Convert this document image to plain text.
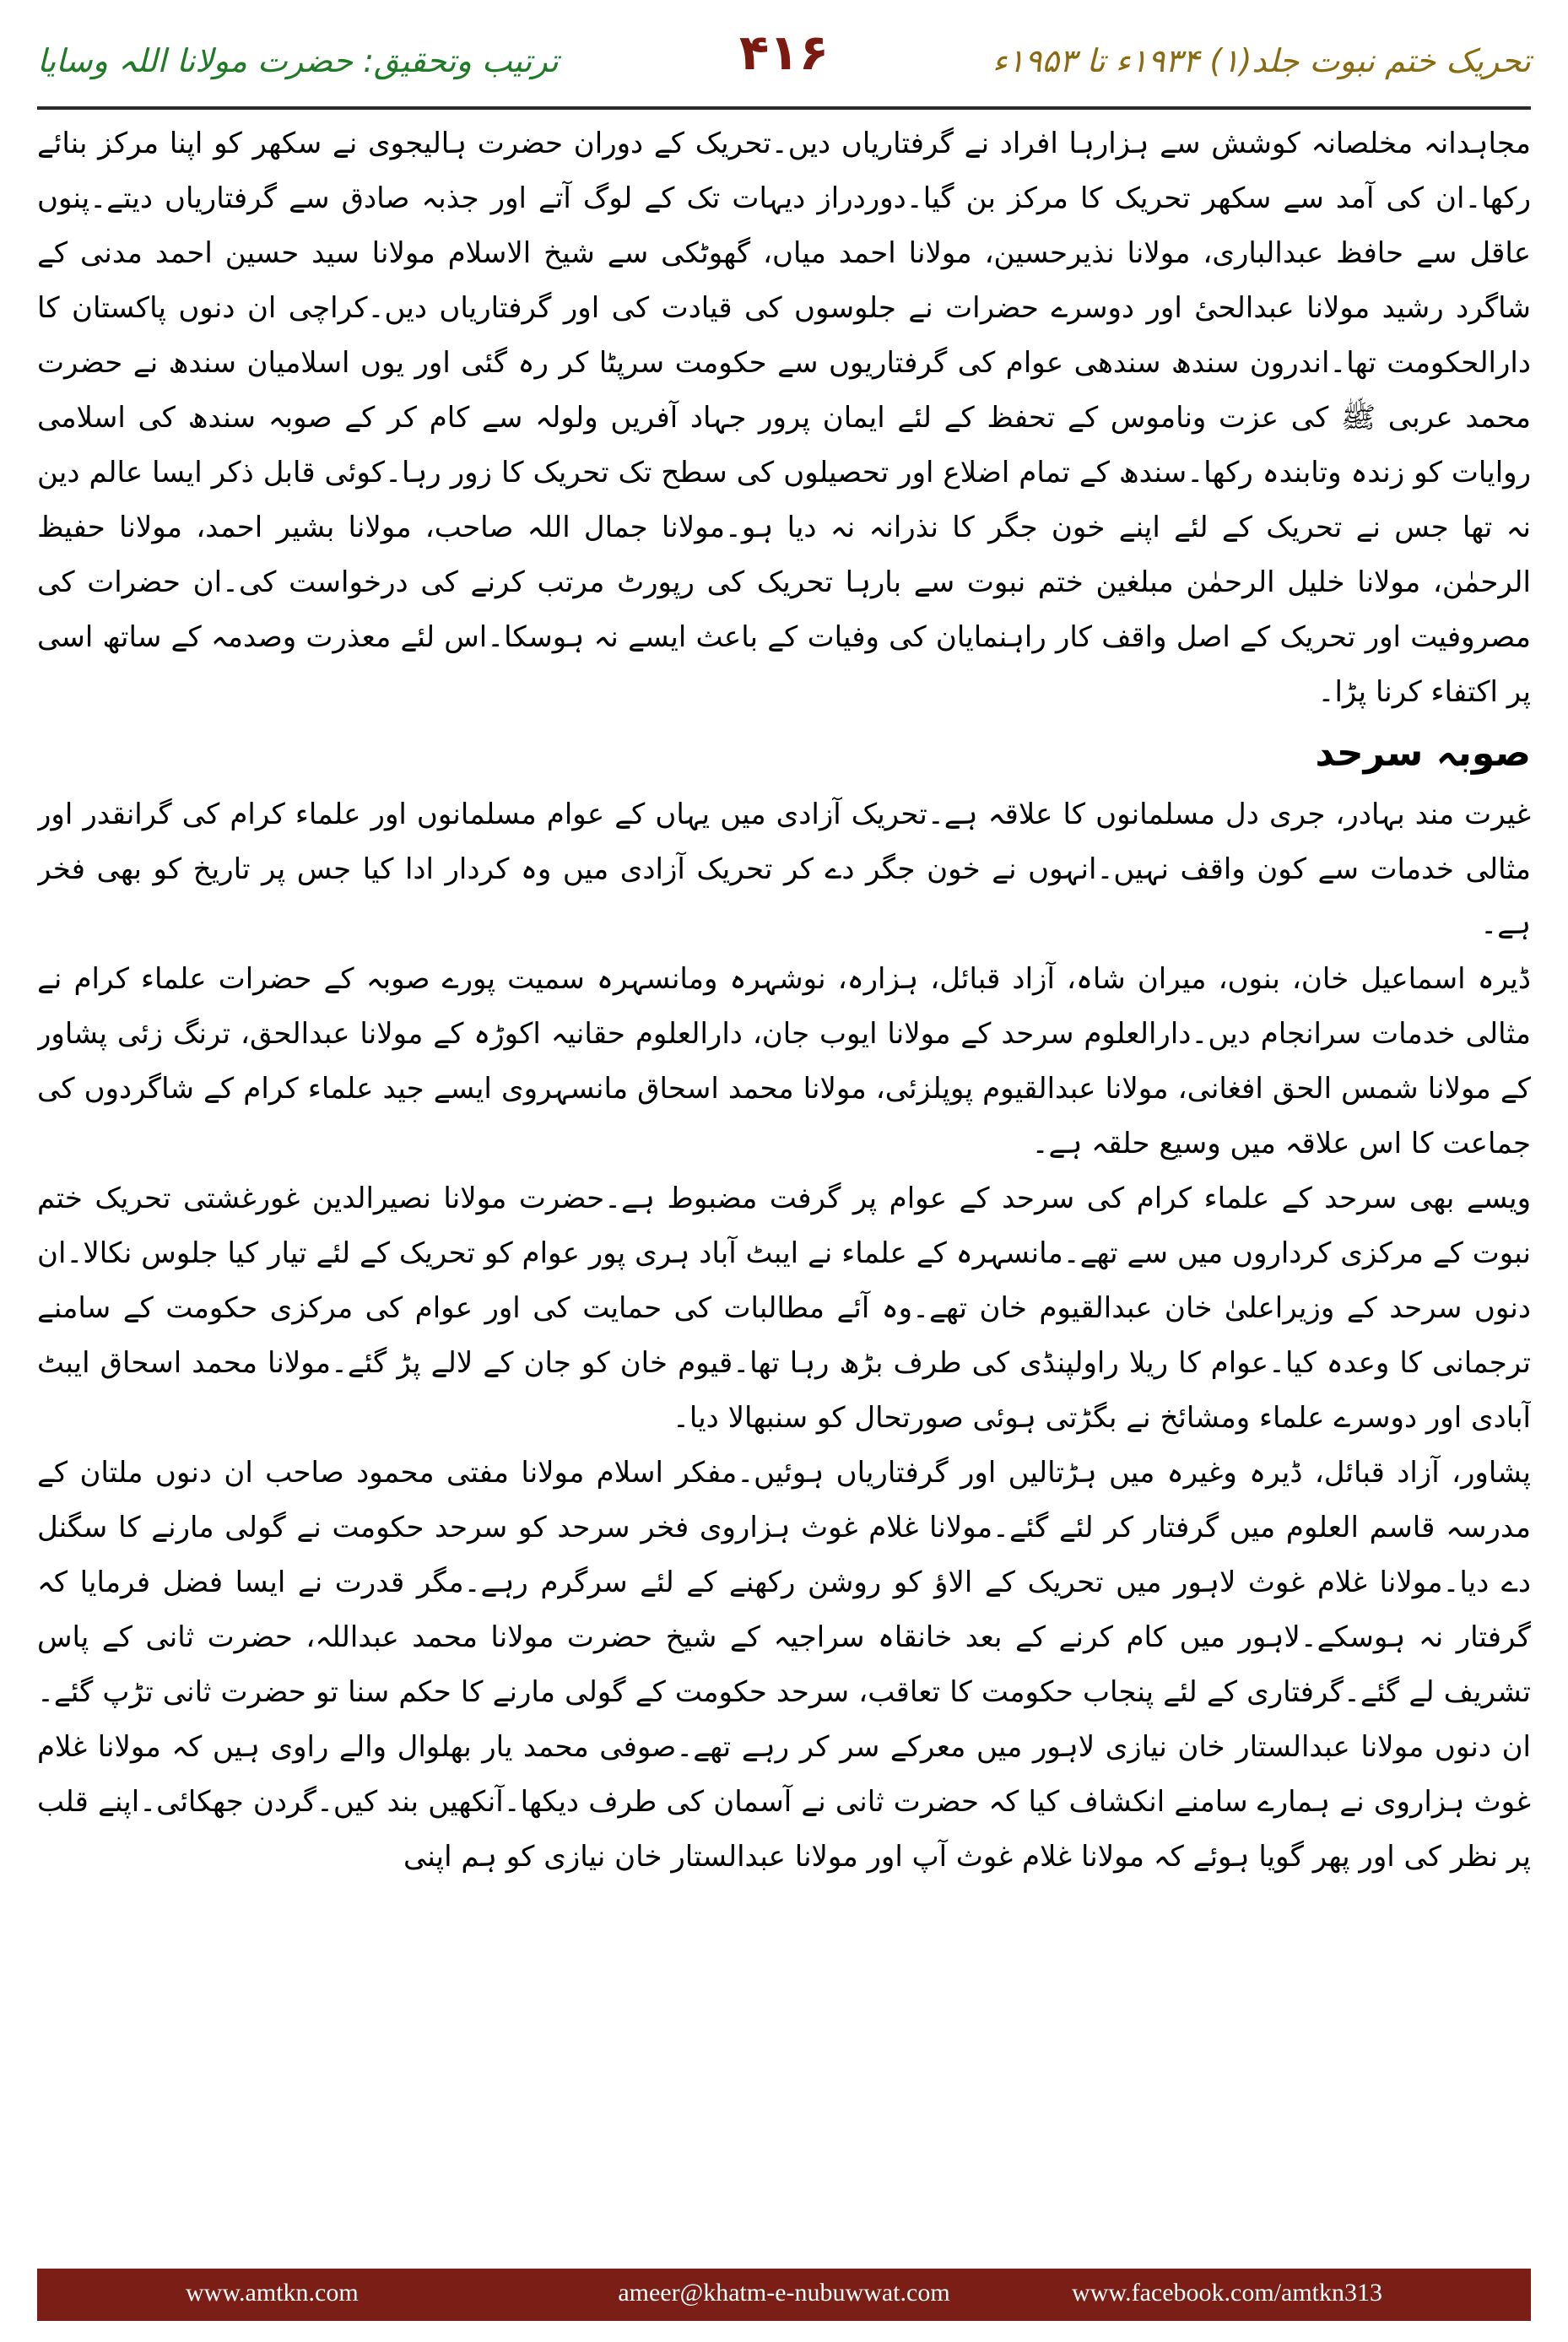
تحریک ختم نبوت جلد(۱) ۱۹۳۴ء تا ۱۹۵۳ء
۴۱۶
ترتیب وتحقیق: حضرت مولانا اللہ وسایا

مجاہدانہ مخلصانہ کوشش سے ہزارہا افراد نے گرفتاریاں دیں۔تحریک کے دوران حضرت ہالیجوی نے سکھر کو اپنا مرکز بنائے رکھا۔ان کی آمد سے سکھر تحریک کا مرکز بن گیا۔دوردراز دیہات تک کے لوگ آتے اور جذبہ صادق سے گرفتاریاں دیتے۔پنوں عاقل سے حافظ عبدالباری، مولانا نذیرحسین، مولانا احمد میاں، گھوٹکی سے شیخ الاسلام مولانا سید حسین احمد مدنی کے شاگرد رشید مولانا عبدالحیٔ اور دوسرے حضرات نے جلوسوں کی قیادت کی اور گرفتاریاں دیں۔کراچی ان دنوں پاکستان کا دارالحکومت تھا۔اندرون سندھ سندھی عوام کی گرفتاریوں سے حکومت سرپٹا کر رہ گئی اور یوں اسلامیان سندھ نے حضرت محمد عربی ﷺ کی عزت وناموس کے تحفظ کے لئے ایمان پرور جہاد آفریں ولولہ سے کام کر کے صوبہ سندھ کی اسلامی روایات کو زندہ وتابندہ رکھا۔سندھ کے تمام اضلاع اور تحصیلوں کی سطح تک تحریک کا زور رہا۔کوئی قابل ذکر ایسا عالم دین نہ تھا جس نے تحریک کے لئے اپنے خون جگر کا نذرانہ نہ دیا ہو۔مولانا جمال اللہ صاحب، مولانا بشیر احمد، مولانا حفیظ الرحمٰن، مولانا خلیل الرحمٰن مبلغین ختم نبوت سے بارہا تحریک کی رپورٹ مرتب کرنے کی درخواست کی۔ان حضرات کی مصروفیت اور تحریک کے اصل واقف کار راہنمایان کی وفیات کے باعث ایسے نہ ہوسکا۔اس لئے معذرت وصدمہ کے ساتھ اسی پر اکتفاء کرنا پڑا۔

صوبہ سرحد

غیرت مند بہادر، جری دل مسلمانوں کا علاقہ ہے۔تحریک آزادی میں یہاں کے عوام مسلمانوں اور علماء کرام کی گرانقدر اور مثالی خدمات سے کون واقف نہیں۔انہوں نے خون جگر دے کر تحریک آزادی میں وہ کردار ادا کیا جس پر تاریخ کو بھی فخر ہے۔

ڈیرہ اسماعیل خان، بنوں، میران شاہ، آزاد قبائل، ہزارہ، نوشہرہ ومانسہرہ سمیت پورے صوبہ کے حضرات علماء کرام نے مثالی خدمات سرانجام دیں۔دارالعلوم سرحد کے مولانا ایوب جان، دارالعلوم حقانیہ اکوڑہ کے مولانا عبدالحق، ترنگ زئی پشاور کے مولانا شمس الحق افغانی، مولانا عبدالقیوم پوپلزئی، مولانا محمد اسحاق مانسہروی ایسے جید علماء کرام کے شاگردوں کی جماعت کا اس علاقہ میں وسیع حلقہ ہے۔

ویسے بھی سرحد کے علماء کرام کی سرحد کے عوام پر گرفت مضبوط ہے۔حضرت مولانا نصیرالدین غورغشتی تحریک ختم نبوت کے مرکزی کرداروں میں سے تھے۔مانسہرہ کے علماء نے ایبٹ آباد ہری پور عوام کو تحریک کے لئے تیار کیا جلوس نکالا۔ان دنوں سرحد کے وزیراعلیٰ خان عبدالقیوم خان تھے۔وہ آئے مطالبات کی حمایت کی اور عوام کی مرکزی حکومت کے سامنے ترجمانی کا وعدہ کیا۔عوام کا ریلا راولپنڈی کی طرف بڑھ رہا تھا۔قیوم خان کو جان کے لالے پڑ گئے۔مولانا محمد اسحاق ایبٹ آبادی اور دوسرے علماء ومشائخ نے بگڑتی ہوئی صورتحال کو سنبھالا دیا۔

پشاور، آزاد قبائل، ڈیرہ وغیرہ میں ہڑتالیں اور گرفتاریاں ہوئیں۔مفکر اسلام مولانا مفتی محمود صاحب ان دنوں ملتان کے مدرسہ قاسم العلوم میں گرفتار کر لئے گئے۔مولانا غلام غوث ہزاروی فخر سرحد کو سرحد حکومت نے گولی مارنے کا سگنل دے دیا۔مولانا غلام غوث لاہور میں تحریک کے الاؤ کو روشن رکھنے کے لئے سرگرم رہے۔مگر قدرت نے ایسا فضل فرمایا کہ گرفتار نہ ہوسکے۔لاہور میں کام کرنے کے بعد خانقاہ سراجیہ کے شیخ حضرت مولانا محمد عبداللہ، حضرت ثانی کے پاس تشریف لے گئے۔گرفتاری کے لئے پنجاب حکومت کا تعاقب، سرحد حکومت کے گولی مارنے کا حکم سنا تو حضرت ثانی تڑپ گئے۔ان دنوں مولانا عبدالستار خان نیازی لاہور میں معرکے سر کر رہے تھے۔صوفی محمد یار بھلوال والے راوی ہیں کہ مولانا غلام غوث ہزاروی نے ہمارے سامنے انکشاف کیا کہ حضرت ثانی نے آسمان کی طرف دیکھا۔آنکھیں بند کیں۔گردن جھکائی۔اپنے قلب پر نظر کی اور پھر گویا ہوئے کہ مولانا غلام غوث آپ اور مولانا عبدالستار خان نیازی کو ہم اپنی

www.amtkn.com	ameer@khatm-e-nubuwwat.com	www.facebook.com/amtkn313
